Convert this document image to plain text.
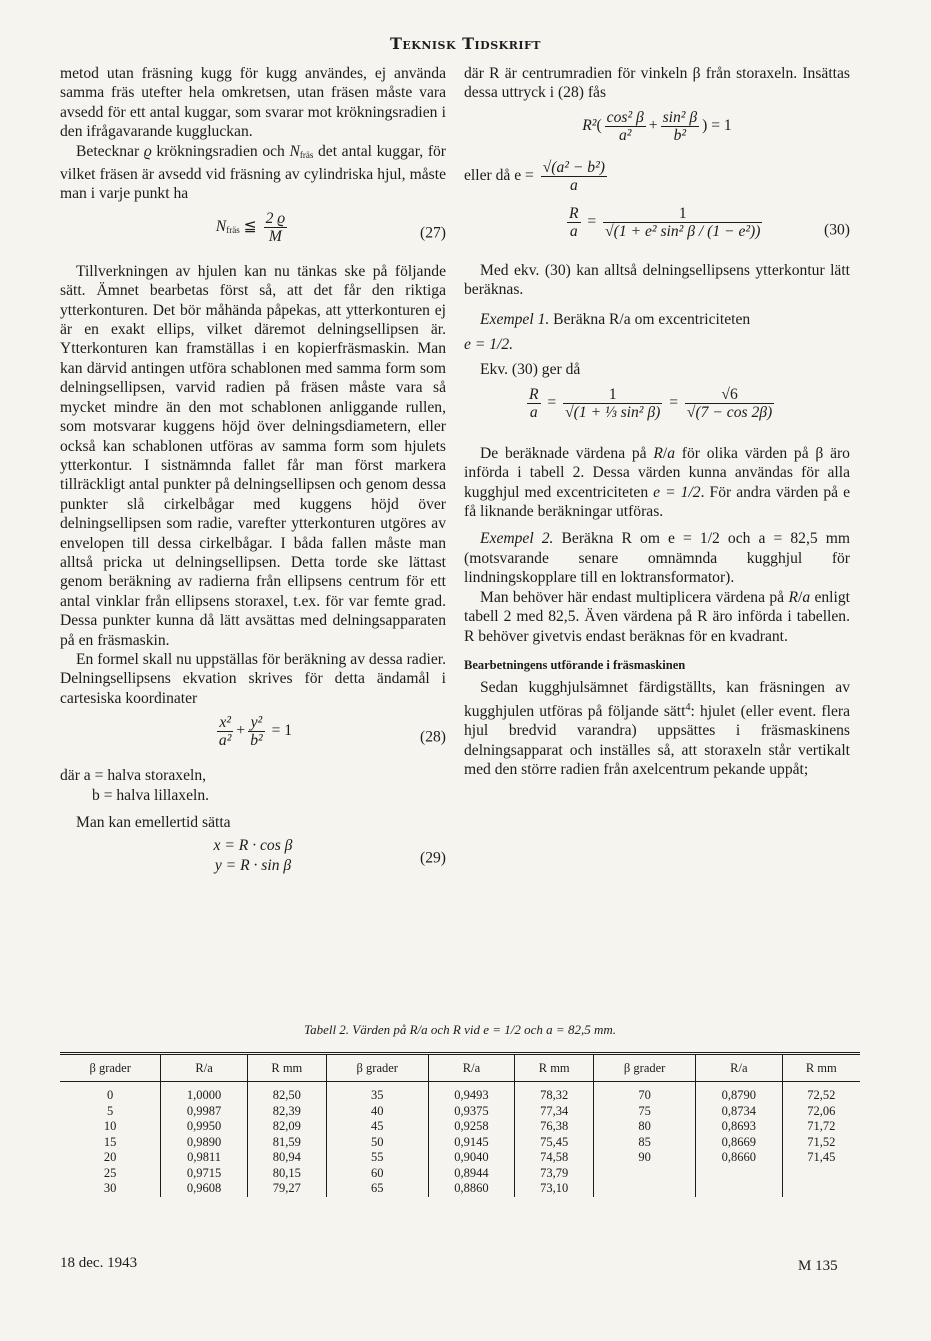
Teknisk Tidskrift

metod utan fräsning kugg för kugg användes, ej använda samma fräs utefter hela omkretsen, utan fräsen måste vara avsedd för ett antal kuggar, som svarar mot krökningsradien i den ifrågavarande kuggluckan.

Betecknar ϱ krökningsradien och $N_{fräs}$ det antal kuggar, för vilket fräsen är avsedd vid fräsning av cylindriska hjul, måste man i varje punkt ha

$N_{fräs}$ ≦ $\frac{2 ϱ}{M}$	(27)

Tillverkningen av hjulen kan nu tänkas ske på följande sätt. Ämnet bearbetas först så, att det får den riktiga ytterkonturen. Det bör måhända påpekas, att ytterkonturen ej är en exakt ellips, vilket däremot delningsellipsen är. Ytterkonturen kan framställas i en kopierfräsmaskin. Man kan därvid antingen utföra schablonen med samma form som delningsellipsen, varvid radien på fräsen måste vara så mycket mindre än den mot schablonen anliggande rullen, som motsvarar kuggens höjd över delningsdiametern, eller också kan schablonen utföras av samma form som hjulets ytterkontur. I sistnämnda fallet får man först markera tillräckligt antal punkter på delningsellipsen och genom dessa punkter slå cirkelbågar med kuggens höjd över delningsellipsen som radie, varefter ytterkonturen utgöres av envelopen till dessa cirkelbågar. I båda fallen måste man alltså pricka ut delningsellipsen. Detta torde ske lättast genom beräkning av radierna från ellipsens centrum för ett antal vinklar från ellipsens storaxel, t.ex. för var femte grad. Dessa punkter kunna då lätt avsättas med delningsapparaten på en fräsmaskin.

En formel skall nu uppställas för beräkning av dessa radier. Delningsellipsens ekvation skrives för detta ändamål i cartesiska koordinater

$\frac{\text{x²}}{\text{a²}} + \frac{\text{y²}}{\text{b²}} = 1$	(28)

där a = halva storaxeln,

b = halva lillaxeln.

Man kan emellertid sätta

x = R · cos β
y = R · sin β	(29)

där R är centrumradien för vinkeln β från storaxeln. Insättas dessa uttryck i (28) fås

$R^2( \frac{\text{cos² β}}{\text{a²}} + \frac{\text{sin² β}}{\text{b²}}$ ) = 1
eller då $e = \frac{\text{√(a² − b²)}}{a}$
$\frac{R}{a} = \frac{1}{\text{√(1 + e² sin² β / (1 − e²))}}$	(30)

Med ekv. (30) kan alltså delningsellipsens ytterkontur lätt beräknas.

Exempel 1. Beräkna R/a om excentriciteten

e = 1/2.

Ekv. (30) ger då

$\frac{R}{a} = \frac{1}{\text{√(1 + ⅓ sin² β)}} = \frac{√6}{√(7 - \cos 2\beta)}$

De beräknade värdena på R/a för olika värden på β äro införda i tabell 2. Dessa värden kunna användas för alla kugghjul med excentriciteten e = 1/2. För andra värden på e få liknande beräkningar utföras.

Exempel 2. Beräkna R om e = 1/2 och a = 82,5 mm (motsvarande senare omnämnda kugghjul för lindningskopplare till en loktransformator).

Man behöver här endast multiplicera värdena på R/a enligt tabell 2 med 82,5. Även värdena på R äro införda i tabellen. R behöver givetvis endast beräknas för en kvadrant.

Bearbetningens utförande i fräsmaskinen

Sedan kugghjulsämnet färdigställts, kan fräsningen av kugghjulen utföras på följande sätt$^4$: hjulet (eller event. flera hjul bredvid varandra) uppsättes i fräsmaskinens delningsapparat och inställes så, att storaxeln står vertikalt med den större radien från axelcentrum pekande uppåt;

Tabell 2. Värden på R/a och R vid e = 1/2 och a = 82,5 mm.
β grader	R/a	R mm	β grader	R/a	R mm	β grader	R/a	R mm
0	1,0000	82,50	35	0,9493	78,32	70	0,8790	72,52
5	0,9987	82,39	40	0,9375	77,34	75	0,8734	72,06
10	0,9950	82,09	45	0,9258	76,38	80	0,8693	71,72
15	0,9890	81,59	50	0,9145	75,45	85	0,8669	71,52
20	0,9811	80,94	55	0,9040	74,58	90	0,8660	71,45
25	0,9715	80,15	60	0,8944	73,79			
30	0,9608	79,27	65	0,8860	73,10			
18 dec. 1943	M 135
